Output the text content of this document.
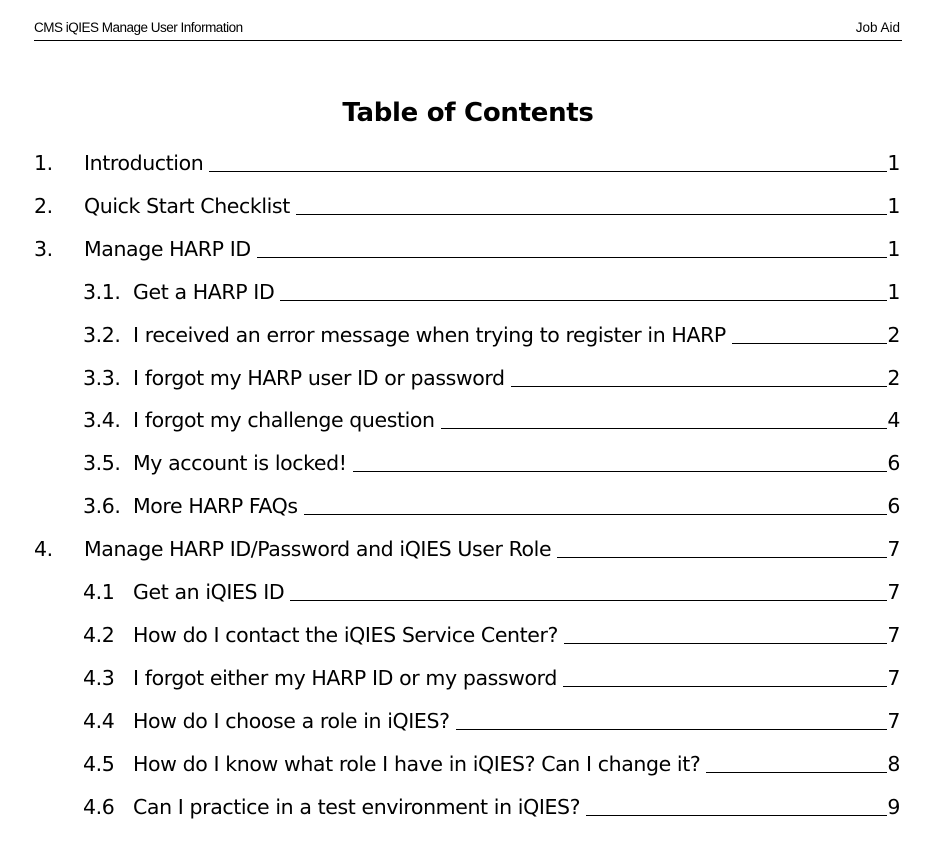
CMS iQIES Manage User Information	Job Aid
Table of Contents
1. Introduction	1
2. Quick Start Checklist	1
3. Manage HARP ID	1
3.1. Get a HARP ID	1
3.2. I received an error message when trying to register in HARP	2
3.3. I forgot my HARP user ID or password	2
3.4. I forgot my challenge question	4
3.5. My account is locked!	6
3.6. More HARP FAQs	6
4. Manage HARP ID/Password and iQIES User Role	7
4.1 Get an iQIES ID	7
4.2 How do I contact the iQIES Service Center?	7
4.3 I forgot either my HARP ID or my password	7
4.4 How do I choose a role in iQIES?	7
4.5 How do I know what role I have in iQIES? Can I change it?	8
4.6 Can I practice in a test environment in iQIES?	9
